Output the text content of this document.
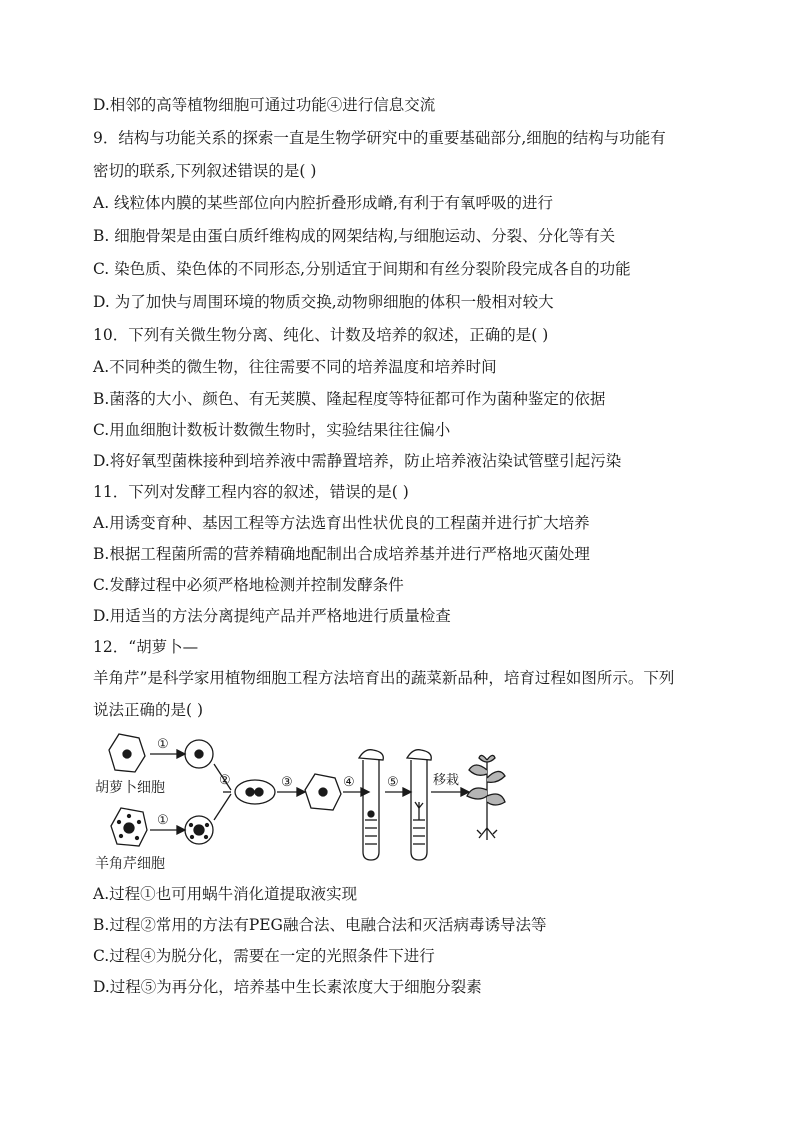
D.相邻的高等植物细胞可通过功能④进行信息交流
9．结构与功能关系的探索一直是生物学研究中的重要基础部分,细胞的结构与功能有
密切的联系,下列叙述错误的是( )
A. 线粒体内膜的某些部位向内腔折叠形成嵴,有利于有氧呼吸的进行
B. 细胞骨架是由蛋白质纤维构成的网架结构,与细胞运动、分裂、分化等有关
C. 染色质、染色体的不同形态,分别适宜于间期和有丝分裂阶段完成各自的功能
D. 为了加快与周围环境的物质交换,动物卵细胞的体积一般相对较大
10．下列有关微生物分离、纯化、计数及培养的叙述，正确的是( )
A.不同种类的微生物，往往需要不同的培养温度和培养时间
B.菌落的大小、颜色、有无荚膜、隆起程度等特征都可作为菌种鉴定的依据
C.用血细胞计数板计数微生物时，实验结果往往偏小
D.将好氧型菌株接种到培养液中需静置培养，防止培养液沾染试管壁引起污染
11．下列对发酵工程内容的叙述，错误的是( )
A.用诱变育种、基因工程等方法选育出性状优良的工程菌并进行扩大培养
B.根据工程菌所需的营养精确地配制出合成培养基并进行严格地灭菌处理
C.发酵过程中必须严格地检测并控制发酵条件
D.用适当的方法分离提纯产品并严格地进行质量检查
12．“胡萝卜—
羊角芹”是科学家用植物细胞工程方法培育出的蔬菜新品种，培育过程如图所示。下列
说法正确的是( )
①
①
②	③	④ ⑤	移栽
胡萝卜细胞
羊角芹细胞
A.过程①也可用蜗牛消化道提取液实现
B.过程②常用的方法有PEG融合法、电融合法和灭活病毒诱导法等
C.过程④为脱分化，需要在一定的光照条件下进行
D.过程⑤为再分化，培养基中生长素浓度大于细胞分裂素
